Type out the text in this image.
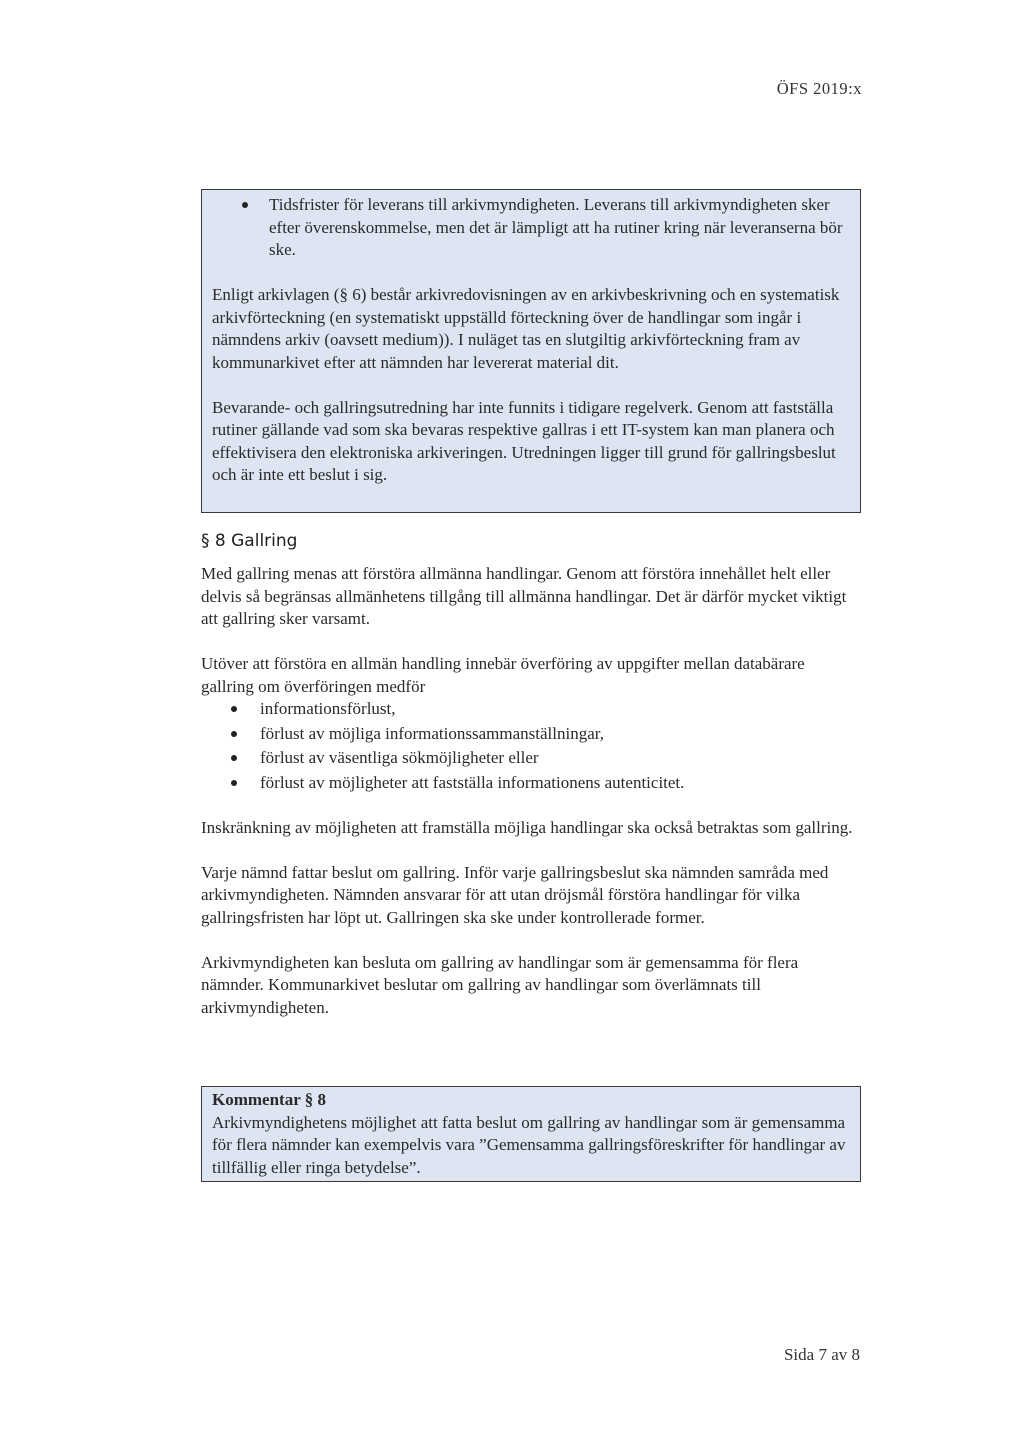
ÖFS 2019:x
Tidsfrister för leverans till arkivmyndigheten. Leverans till arkivmyndigheten sker efter överenskommelse, men det är lämpligt att ha rutiner kring när leveranserna bör ske.

Enligt arkivlagen (§ 6) består arkivredovisningen av en arkivbeskrivning och en systematisk arkivförteckning (en systematiskt uppställd förteckning över de handlingar som ingår i nämndens arkiv (oavsett medium)). I nuläget tas en slutgiltig arkivförteckning fram av kommunarkivet efter att nämnden har levererat material dit.

Bevarande- och gallringsutredning har inte funnits i tidigare regelverk. Genom att fastställa rutiner gällande vad som ska bevaras respektive gallras i ett IT-system kan man planera och effektivisera den elektroniska arkiveringen. Utredningen ligger till grund för gallringsbeslut och är inte ett beslut i sig.

§ 8 Gallring

Med gallring menas att förstöra allmänna handlingar. Genom att förstöra innehållet helt eller delvis så begränsas allmänhetens tillgång till allmänna handlingar. Det är därför mycket viktigt att gallring sker varsamt.

Utöver att förstöra en allmän handling innebär överföring av uppgifter mellan databärare gallring om överföringen medför

informationsförlust,
förlust av möjliga informationssammanställningar,
förlust av väsentliga sökmöjligheter eller
förlust av möjligheter att fastställa informationens autenticitet.

Inskränkning av möjligheten att framställa möjliga handlingar ska också betraktas som gallring.

Varje nämnd fattar beslut om gallring. Inför varje gallringsbeslut ska nämnden samråda med arkivmyndigheten. Nämnden ansvarar för att utan dröjsmål förstöra handlingar för vilka gallringsfristen har löpt ut. Gallringen ska ske under kontrollerade former.

Arkivmyndigheten kan besluta om gallring av handlingar som är gemensamma för flera nämnder. Kommunarkivet beslutar om gallring av handlingar som överlämnats till arkivmyndigheten.

Kommentar § 8

Arkivmyndighetens möjlighet att fatta beslut om gallring av handlingar som är gemensamma för flera nämnder kan exempelvis vara ”Gemensamma gallringsföreskrifter för handlingar av tillfällig eller ringa betydelse”.

Sida 7 av 8
